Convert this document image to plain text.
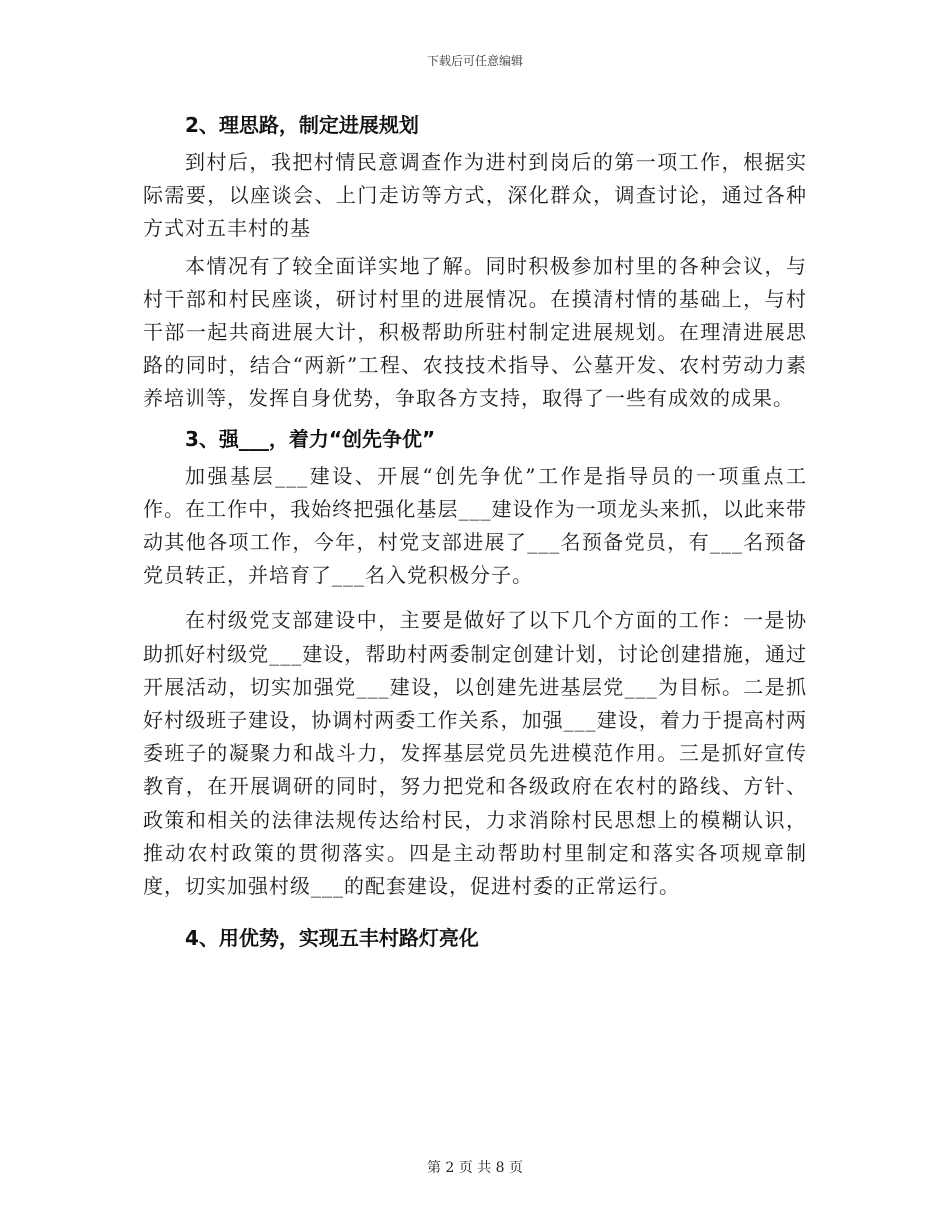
下载后可任意编辑

2、理思路，制定进展规划

到村后，我把村情民意调查作为进村到岗后的第一项工作，根据实际需要，以座谈会、上门走访等方式，深化群众，调查讨论，通过各种方式对五丰村的基

本情况有了较全面详实地了解。同时积极参加村里的各种会议，与村干部和村民座谈，研讨村里的进展情况。在摸清村情的基础上，与村干部一起共商进展大计，积极帮助所驻村制定进展规划。在理清进展思路的同时，结合“两新”工程、农技技术指导、公墓开发、农村劳动力素养培训等，发挥自身优势，争取各方支持，取得了一些有成效的成果。

3、强___，着力“创先争优”

加强基层___建设、开展“创先争优”工作是指导员的一项重点工作。在工作中，我始终把强化基层___建设作为一项龙头来抓，以此来带动其他各项工作，今年，村党支部进展了___名预备党员，有___名预备党员转正，并培育了___名入党积极分子。

在村级党支部建设中，主要是做好了以下几个方面的工作：一是协助抓好村级党___建设，帮助村两委制定创建计划，讨论创建措施，通过开展活动，切实加强党___建设，以创建先进基层党___为目标。二是抓好村级班子建设，协调村两委工作关系，加强___建设，着力于提高村两委班子的凝聚力和战斗力，发挥基层党员先进模范作用。三是抓好宣传教育，在开展调研的同时，努力把党和各级政府在农村的路线、方针、政策和相关的法律法规传达给村民，力求消除村民思想上的模糊认识，推动农村政策的贯彻落实。四是主动帮助村里制定和落实各项规章制度，切实加强村级___的配套建设，促进村委的正常运行。

4、用优势，实现五丰村路灯亮化

第 2 页 共 8 页
